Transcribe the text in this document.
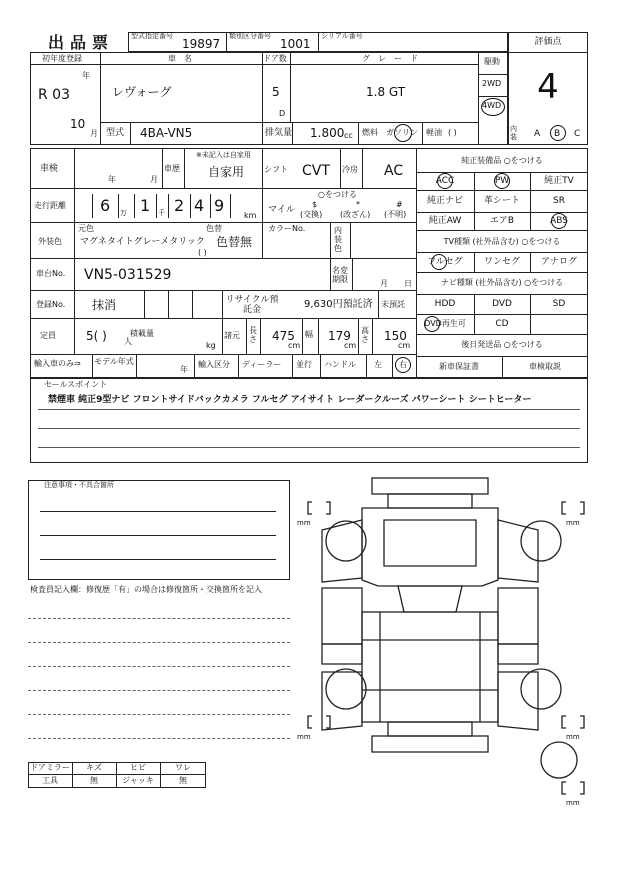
出品票 型式指定番号
19897
類別区分番号
1001
シリアル番号
評価点
4
初年度登録
R 03
年
10
月
車名
レヴォーグ
ドア数
5
D
グレード
1.8 GT
駆動
2WD
4WD
型式 4BA-VN5	排気量 1.800 cc 燃料 ガソリン 軽油 ( )	内装	A B C
車検
年	月
車歴
※未記入は自家用
自家用 シフト CVT 冷房 AC
走行距離 6 万 1 千 2 4 9
km
○をつける
マイル
$
(交換)
*
(改ざん)
#
(不明)
外装色
元色
マグネタイトグレーメタリック
色替
色替無
( )
カラーNo.	内装色
車台No. VN5-031529	名変期限	月 日
登録No. 抹消	リサイクル預託金	9,630円預託済 未預託
定員	5( ) 人
積載量
kg
諸元
長さ 475
cm
幅 179
cm
高さ 150
cm
輸入車のみ⇒ モデル年式
年
輸入区分 ディーラー 並行 ハンドル 左 右
純正装備品 ○をつける
ACC	PW	純正TV
純正ナビ	革シート	SR
純正AW	エアB	ABS
TV種類 (社外品含む) ○をつける
フルセグ	ワンセグ	アナログ
ナビ種類 (社外品含む) ○をつける
HDD	DVD	SD
DVD再生可	CD
後日発送品 ○をつける
新車保証書	車検取説
セールスポイント
禁煙車 純正9型ナビ フロントサイドバックカメラ フルセグ アイサイト レーダークルーズ パワーシート シートヒーター
注意事項・不具合箇所
検査員記入欄：修復歴「有」の場合は修復箇所・交換箇所を記入
ドアミラー	キズ	ヒビ	ワレ
工具	無	ジャッキ	無
mm	mm
mm	mm
mm
